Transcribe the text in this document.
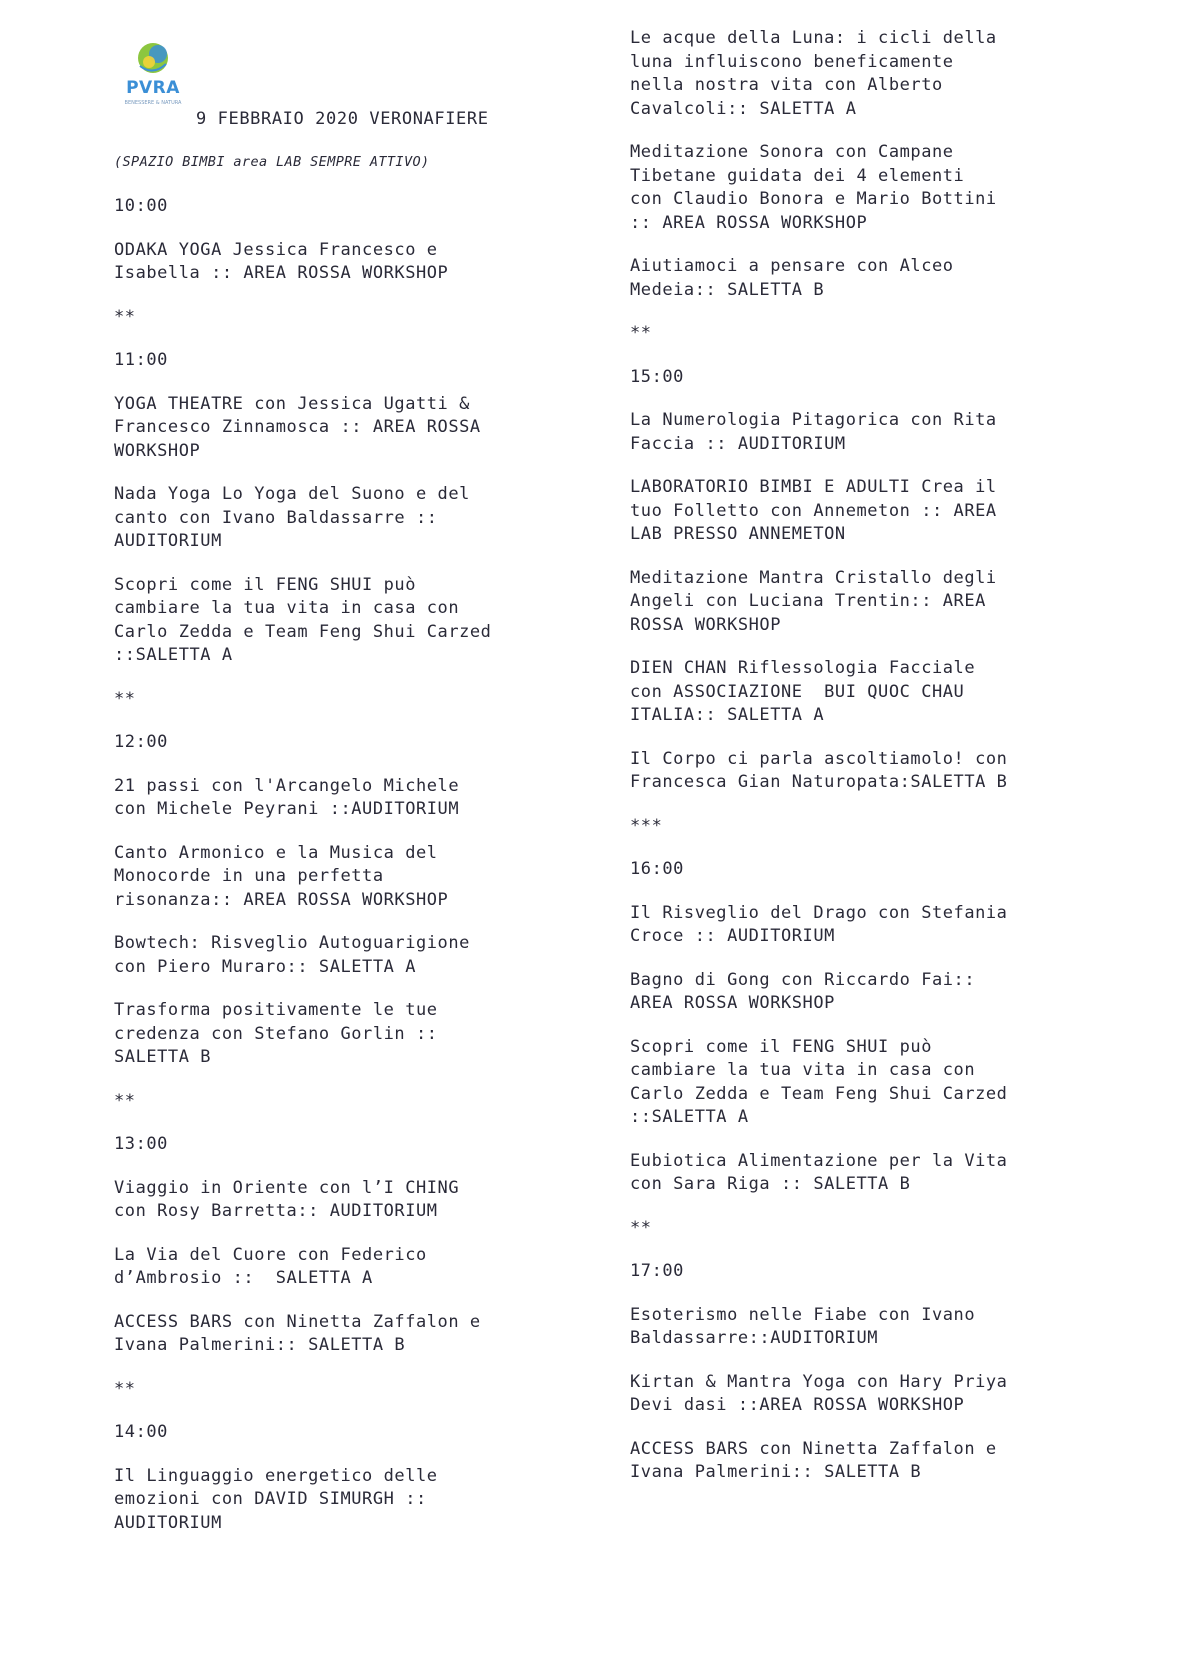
PVRA
BENESSERE & NATURA
9 FEBBRAIO 2020 VERONAFIERE
(SPAZIO BIMBI area LAB SEMPRE ATTIVO)
10:00
ODAKA YOGA Jessica Francesco e
Isabella :: AREA ROSSA WORKSHOP
**
11:00
YOGA THEATRE con Jessica Ugatti &
Francesco Zinnamosca :: AREA ROSSA
WORKSHOP
Nada Yoga Lo Yoga del Suono e del
canto con Ivano Baldassarre ::
AUDITORIUM
Scopri come il FENG SHUI può
cambiare la tua vita in casa con
Carlo Zedda e Team Feng Shui Carzed
::SALETTA A
**
12:00
21 passi con l'Arcangelo Michele
con Michele Peyrani ::AUDITORIUM
Canto Armonico e la Musica del
Monocorde in una perfetta
risonanza:: AREA ROSSA WORKSHOP
Bowtech: Risveglio Autoguarigione
con Piero Muraro:: SALETTA A
Trasforma positivamente le tue
credenza con Stefano Gorlin ::
SALETTA B
**
13:00
Viaggio in Oriente con l’I CHING
con Rosy Barretta:: AUDITORIUM
La Via del Cuore con Federico
d’Ambrosio ::  SALETTA A
ACCESS BARS con Ninetta Zaffalon e
Ivana Palmerini:: SALETTA B
**
14:00
Il Linguaggio energetico delle
emozioni con DAVID SIMURGH ::
AUDITORIUM
Le acque della Luna: i cicli della
luna influiscono beneficamente
nella nostra vita con Alberto
Cavalcoli:: SALETTA A
Meditazione Sonora con Campane
Tibetane guidata dei 4 elementi
con Claudio Bonora e Mario Bottini
:: AREA ROSSA WORKSHOP
Aiutiamoci a pensare con Alceo
Medeia:: SALETTA B
**
15:00
La Numerologia Pitagorica con Rita
Faccia :: AUDITORIUM
LABORATORIO BIMBI E ADULTI Crea il
tuo Folletto con Annemeton :: AREA
LAB PRESSO ANNEMETON
Meditazione Mantra Cristallo degli
Angeli con Luciana Trentin:: AREA
ROSSA WORKSHOP
DIEN CHAN Riflessologia Facciale
con ASSOCIAZIONE  BUI QUOC CHAU
ITALIA:: SALETTA A
Il Corpo ci parla ascoltiamolo! con
Francesca Gian Naturopata:SALETTA B
***
16:00
Il Risveglio del Drago con Stefania
Croce :: AUDITORIUM
Bagno di Gong con Riccardo Fai::
AREA ROSSA WORKSHOP
Scopri come il FENG SHUI può
cambiare la tua vita in casa con
Carlo Zedda e Team Feng Shui Carzed
::SALETTA A
Eubiotica Alimentazione per la Vita
con Sara Riga :: SALETTA B
**
17:00
Esoterismo nelle Fiabe con Ivano
Baldassarre::AUDITORIUM
Kirtan & Mantra Yoga con Hary Priya
Devi dasi ::AREA ROSSA WORKSHOP
ACCESS BARS con Ninetta Zaffalon e
Ivana Palmerini:: SALETTA B
